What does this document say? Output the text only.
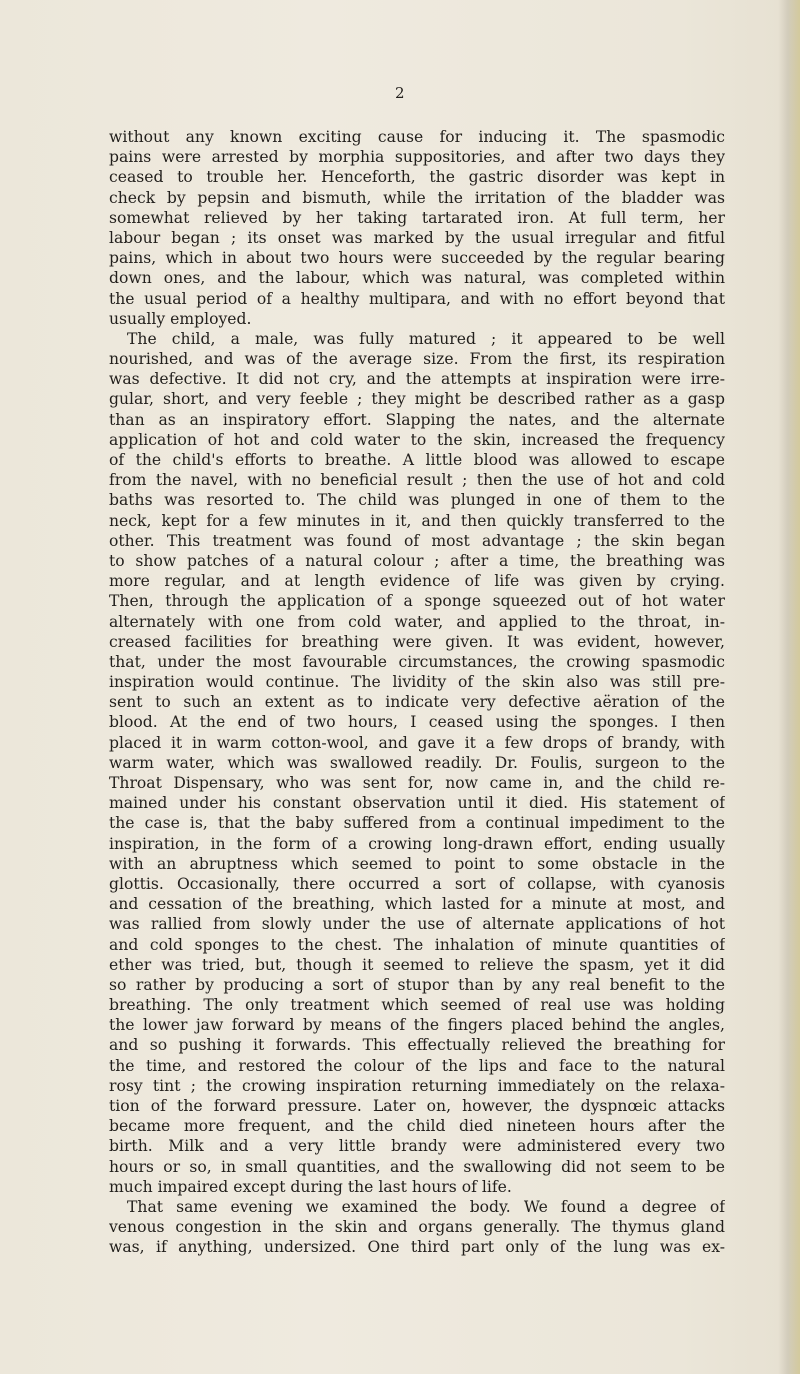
2
without any known exciting cause for inducing it. The spasmodic
pains were arrested by morphia suppositories, and after two days they
ceased to trouble her. Henceforth, the gastric disorder was kept in
check by pepsin and bismuth, while the irritation of the bladder was
somewhat relieved by her taking tartarated iron. At full term, her
labour began ; its onset was marked by the usual irregular and fitful
pains, which in about two hours were succeeded by the regular bearing
down ones, and the labour, which was natural, was completed within
the usual period of a healthy multipara, and with no effort beyond that
usually employed.
The child, a male, was fully matured ; it appeared to be well
nourished, and was of the average size. From the first, its respiration
was defective. It did not cry, and the attempts at inspiration were irre-
gular, short, and very feeble ; they might be described rather as a gasp
than as an inspiratory effort. Slapping the nates, and the alternate
application of hot and cold water to the skin, increased the frequency
of the child's efforts to breathe. A little blood was allowed to escape
from the navel, with no beneficial result ; then the use of hot and cold
baths was resorted to. The child was plunged in one of them to the
neck, kept for a few minutes in it, and then quickly transferred to the
other. This treatment was found of most advantage ; the skin began
to show patches of a natural colour ; after a time, the breathing was
more regular, and at length evidence of life was given by crying.
Then, through the application of a sponge squeezed out of hot water
alternately with one from cold water, and applied to the throat, in-
creased facilities for breathing were given. It was evident, however,
that, under the most favourable circumstances, the crowing spasmodic
inspiration would continue. The lividity of the skin also was still pre-
sent to such an extent as to indicate very defective aëration of the
blood. At the end of two hours, I ceased using the sponges. I then
placed it in warm cotton-wool, and gave it a few drops of brandy, with
warm water, which was swallowed readily. Dr. Foulis, surgeon to the
Throat Dispensary, who was sent for, now came in, and the child re-
mained under his constant observation until it died. His statement of
the case is, that the baby suffered from a continual impediment to the
inspiration, in the form of a crowing long-drawn effort, ending usually
with an abruptness which seemed to point to some obstacle in the
glottis. Occasionally, there occurred a sort of collapse, with cyanosis
and cessation of the breathing, which lasted for a minute at most, and
was rallied from slowly under the use of alternate applications of hot
and cold sponges to the chest. The inhalation of minute quantities of
ether was tried, but, though it seemed to relieve the spasm, yet it did
so rather by producing a sort of stupor than by any real benefit to the
breathing. The only treatment which seemed of real use was holding
the lower jaw forward by means of the fingers placed behind the angles,
and so pushing it forwards. This effectually relieved the breathing for
the time, and restored the colour of the lips and face to the natural
rosy tint ; the crowing inspiration returning immediately on the relaxa-
tion of the forward pressure. Later on, however, the dyspnœic attacks
became more frequent, and the child died nineteen hours after the
birth. Milk and a very little brandy were administered every two
hours or so, in small quantities, and the swallowing did not seem to be
much impaired except during the last hours of life.
That same evening we examined the body. We found a degree of
venous congestion in the skin and organs generally. The thymus gland
was, if anything, undersized. One third part only of the lung was ex-
